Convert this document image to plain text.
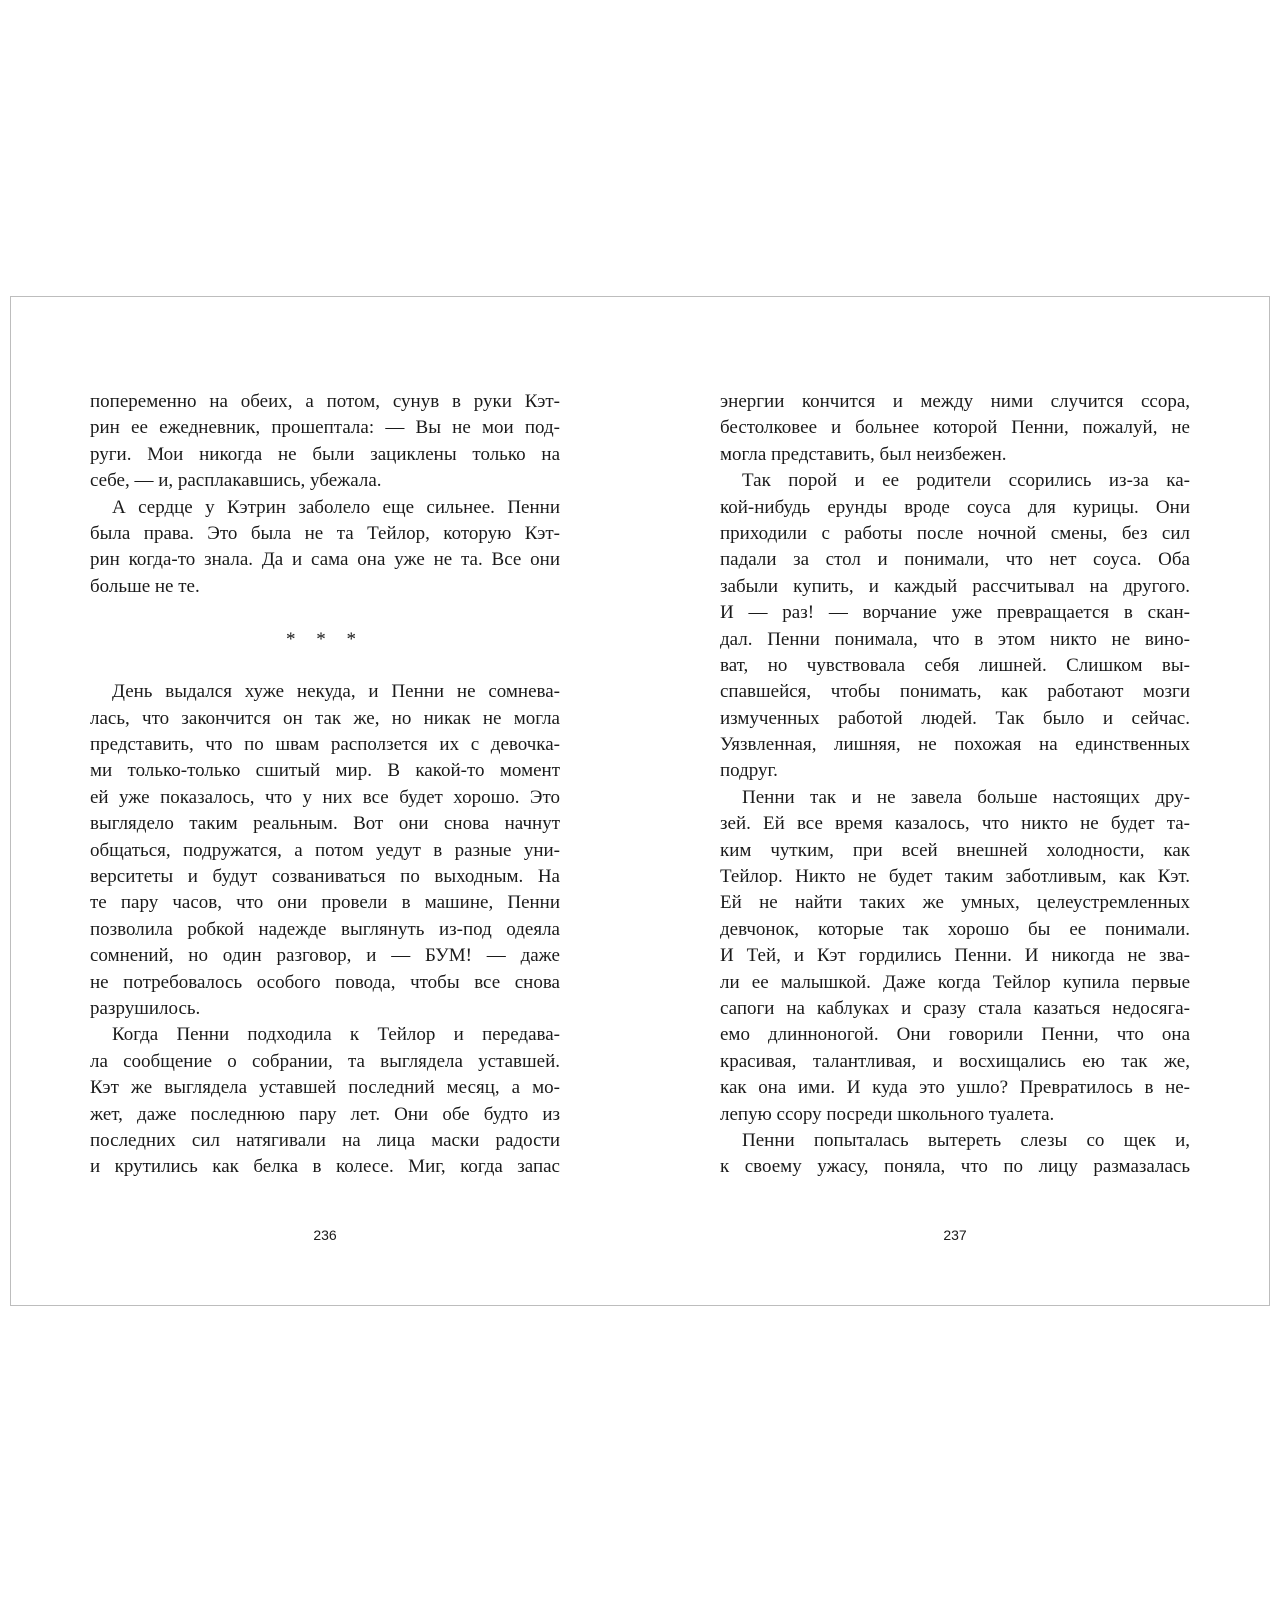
попеременно на обеих, а потом, сунув в руки Кэт-
рин ее ежедневник, прошептала: — Вы не мои под-
руги. Мои никогда не были зациклены только на
себе, — и, расплакавшись, убежала.
А сердце у Кэтрин заболело еще сильнее. Пенни
была права. Это была не та Тейлор, которую Кэт-
рин когда-то знала. Да и сама она уже не та. Все они
больше не те.
* * *
День выдался хуже некуда, и Пенни не сомнева-
лась, что закончится он так же, но никак не могла
представить, что по швам расползется их с девочка-
ми только-только сшитый мир. В какой-то момент
ей уже показалось, что у них все будет хорошо. Это
выглядело таким реальным. Вот они снова начнут
общаться, подружатся, а потом уедут в разные уни-
верситеты и будут созваниваться по выходным. На
те пару часов, что они провели в машине, Пенни
позволила робкой надежде выглянуть из-под одеяла
сомнений, но один разговор, и — БУМ! — даже
не потребовалось особого повода, чтобы все снова
разрушилось.
Когда Пенни подходила к Тейлор и передава-
ла сообщение о собрании, та выглядела уставшей.
Кэт же выглядела уставшей последний месяц, а мо-
жет, даже последнюю пару лет. Они обе будто из
последних сил натягивали на лица маски радости
и крутились как белка в колесе. Миг, когда запас
энергии кончится и между ними случится ссора,
бестолковее и больнее которой Пенни, пожалуй, не
могла представить, был неизбежен.
Так порой и ее родители ссорились из-за ка-
кой-нибудь ерунды вроде соуса для курицы. Они
приходили с работы после ночной смены, без сил
падали за стол и понимали, что нет соуса. Оба
забыли купить, и каждый рассчитывал на другого.
И — раз! — ворчание уже превращается в скан-
дал. Пенни понимала, что в этом никто не вино-
ват, но чувствовала себя лишней. Слишком вы-
спавшейся, чтобы понимать, как работают мозги
измученных работой людей. Так было и сейчас.
Уязвленная, лишняя, не похожая на единственных
подруг.
Пенни так и не завела больше настоящих дру-
зей. Ей все время казалось, что никто не будет та-
ким чутким, при всей внешней холодности, как
Тейлор. Никто не будет таким заботливым, как Кэт.
Ей не найти таких же умных, целеустремленных
девчонок, которые так хорошо бы ее понимали.
И Тей, и Кэт гордились Пенни. И никогда не зва-
ли ее малышкой. Даже когда Тейлор купила первые
сапоги на каблуках и сразу стала казаться недосяга-
емо длинноногой. Они говорили Пенни, что она
красивая, талантливая, и восхищались ею так же,
как она ими. И куда это ушло? Превратилось в не-
лепую ссору посреди школьного туалета.
Пенни попыталась вытереть слезы со щек и,
к своему ужасу, поняла, что по лицу размазалась
236	237
